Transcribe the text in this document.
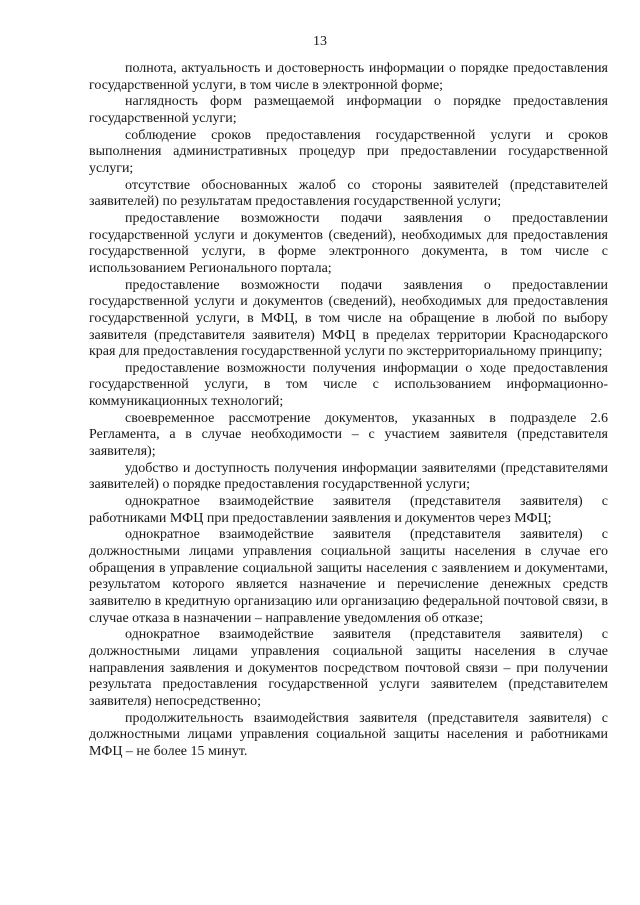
13

полнота, актуальность и достоверность информации о порядке предоставления государственной услуги, в том числе в электронной форме;

наглядность форм размещаемой информации о порядке предоставления государственной услуги;

соблюдение сроков предоставления государственной услуги и сроков выполнения административных процедур при предоставлении государственной услуги;

отсутствие обоснованных жалоб со стороны заявителей (представителей заявителей) по результатам предоставления государственной услуги;

предоставление возможности подачи заявления о предоставлении государственной услуги и документов (сведений), необходимых для предоставления государственной услуги, в форме электронного документа, в том числе с использованием Регионального портала;

предоставление возможности подачи заявления о предоставлении государственной услуги и документов (сведений), необходимых для предоставления государственной услуги, в МФЦ, в том числе на обращение в любой по выбору заявителя (представителя заявителя) МФЦ в пределах территории Краснодарского края для предоставления государственной услуги по экстерриториальному принципу;

предоставление возможности получения информации о ходе предоставления государственной услуги, в том числе с использованием информационно-коммуникационных технологий;

своевременное рассмотрение документов, указанных в подразделе 2.6 Регламента, а в случае необходимости – с участием заявителя (представителя заявителя);

удобство и доступность получения информации заявителями (представителями заявителей) о порядке предоставления государственной услуги;

однократное взаимодействие заявителя (представителя заявителя) с работниками МФЦ при предоставлении заявления и документов через МФЦ;

однократное взаимодействие заявителя (представителя заявителя) с должностными лицами управления социальной защиты населения в случае его обращения в управление социальной защиты населения с заявлением и документами, результатом которого является назначение и перечисление денежных средств заявителю в кредитную организацию или организацию федеральной почтовой связи, в случае отказа в назначении – направление уведомления об отказе;

однократное взаимодействие заявителя (представителя заявителя) с должностными лицами управления социальной защиты населения в случае направления заявления и документов посредством почтовой связи – при получении результата предоставления государственной услуги заявителем (представителем заявителя) непосредственно;

продолжительность взаимодействия заявителя (представителя заявителя) с должностными лицами управления социальной защиты населения и работниками МФЦ – не более 15 минут.
